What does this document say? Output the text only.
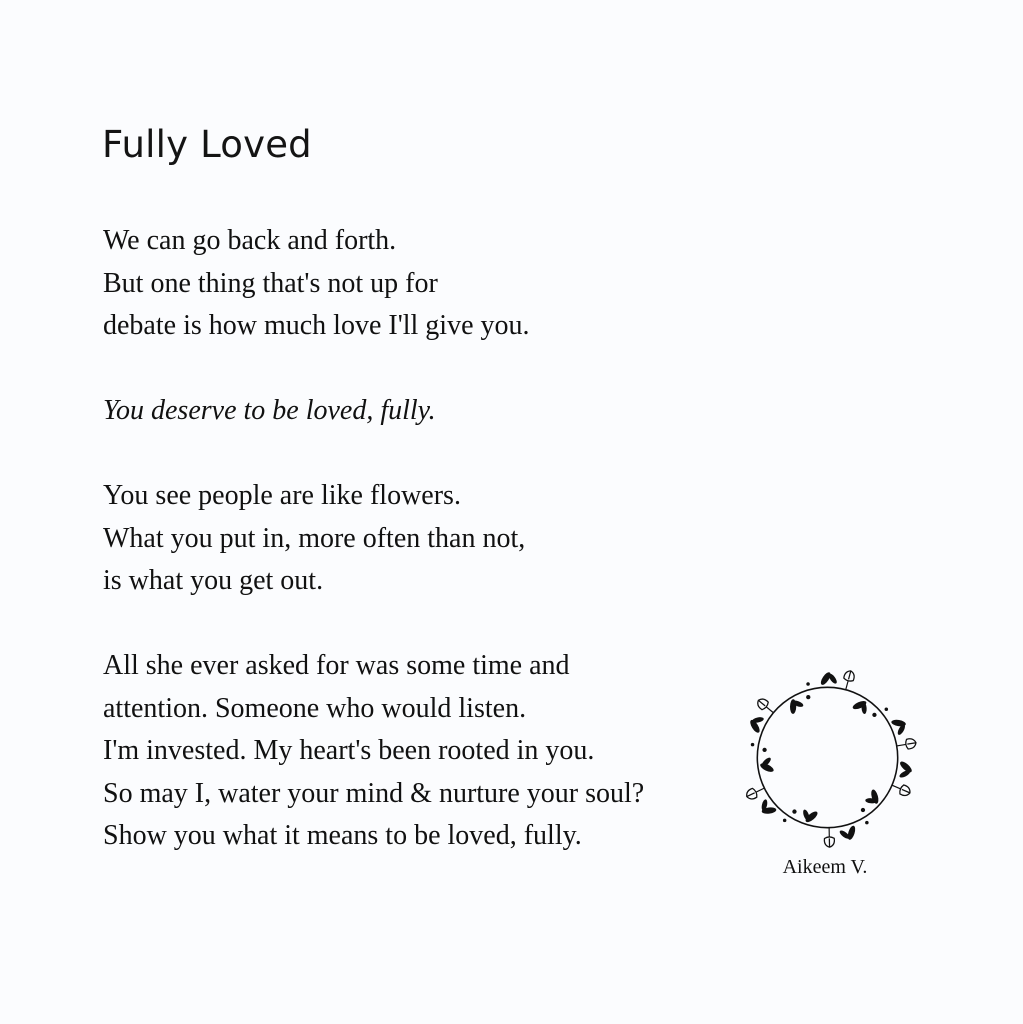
Fully Loved

We can go back and forth.
But one thing that's not up for
debate is how much love I'll give you.

You deserve to be loved, fully.

You see people are like flowers.
What you put in, more often than not,
is what you get out.

All she ever asked for was some time and
attention. Someone who would listen.
I'm invested. My heart's been rooted in you.
So may I, water your mind & nurture your soul?
Show you what it means to be loved, fully.

Aikeem V.
